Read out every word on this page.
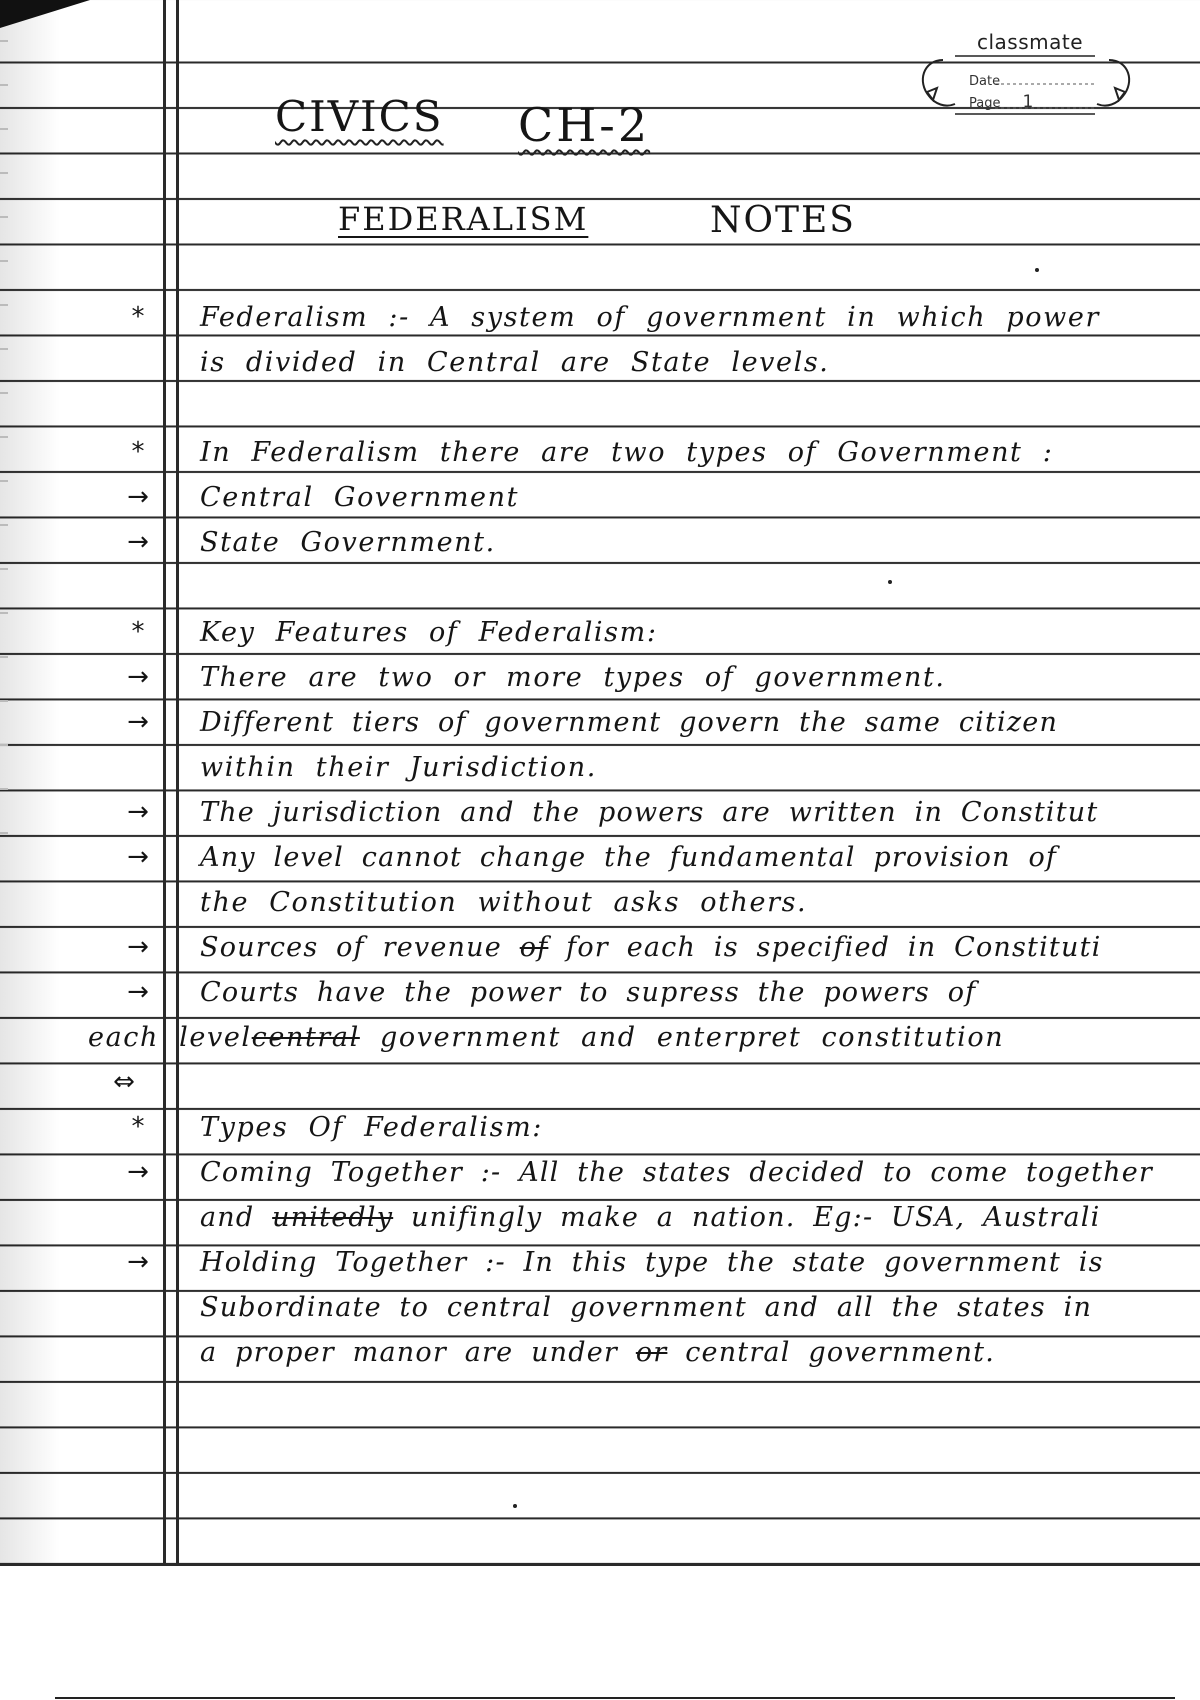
classmate
Date
Page 1
CIVICS CH-2
FEDERALISM	NOTES
*	Federalism :- A system of government in which power
is divided in Central are State levels.
*	In Federalism there are two types of Government :
→	Central Government
→	State Government.
*	Key Features of Federalism:
→	There are two or more types of government.
→	Different tiers of government govern the same citizen
within their Jurisdiction.
→	The jurisdiction and the powers are written in Constitut
→	Any level cannot change the fundamental provision of
the Constitution without asks others.
→	Sources of revenue of for each is specified in Constituti
→	Courts have the power to supress the powers of
each levelcentral government and enterpret constitution
⇔
*	Types Of Federalism:
→	Coming Together :- All the states decided to come together
and unitedly unifingly make a nation. Eg:- USA, Australi
→	Holding Together :- In this type the state government is
Subordinate to central government and all the states in
a proper manor are under or central government.
